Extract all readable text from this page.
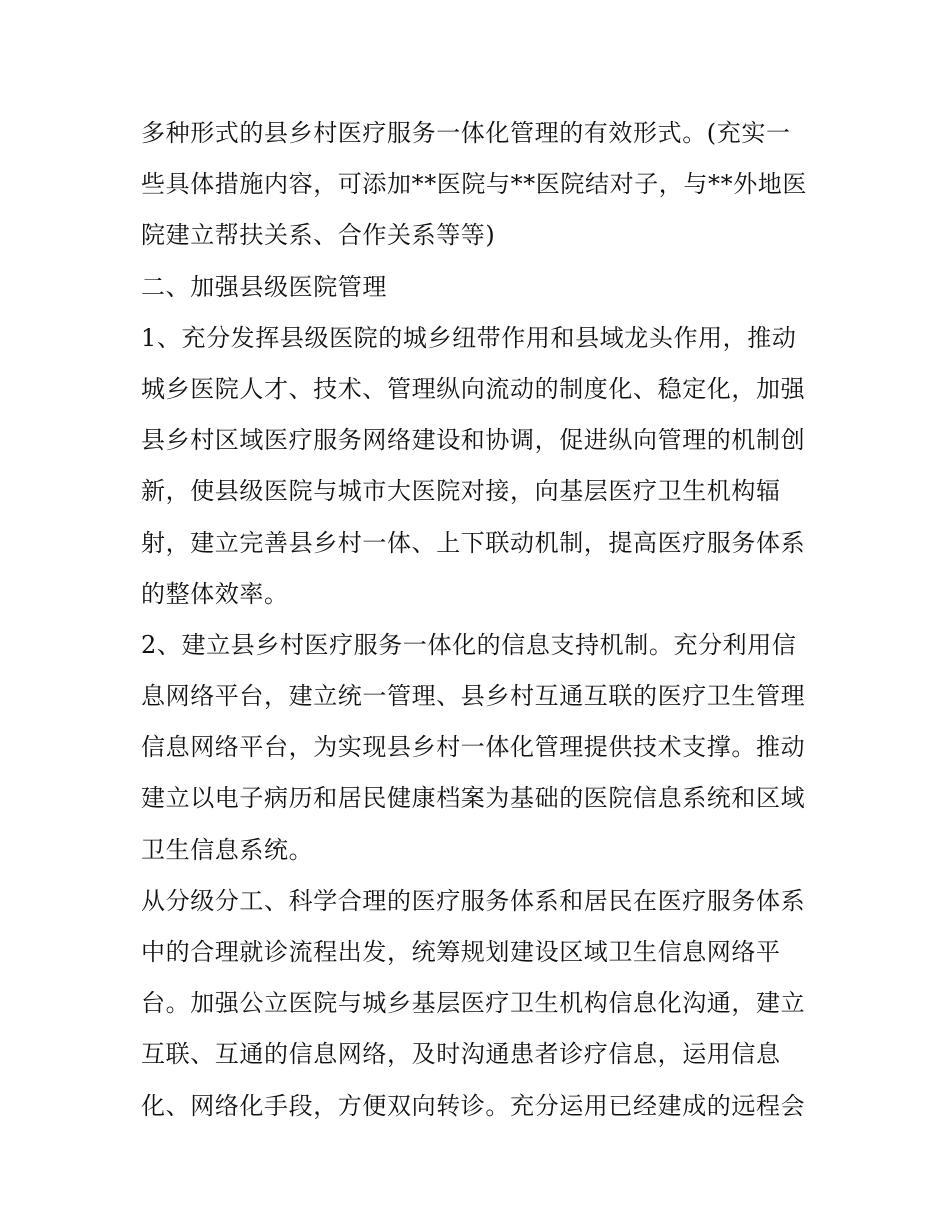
多种形式的县乡村医疗服务一体化管理的有效形式。(充实一
些具体措施内容，可添加**医院与**医院结对子，与**外地医
院建立帮扶关系、合作关系等等)
二、加强县级医院管理
1、充分发挥县级医院的城乡纽带作用和县域龙头作用，推动
城乡医院人才、技术、管理纵向流动的制度化、稳定化，加强
县乡村区域医疗服务网络建设和协调，促进纵向管理的机制创
新，使县级医院与城市大医院对接，向基层医疗卫生机构辐
射，建立完善县乡村一体、上下联动机制，提高医疗服务体系
的整体效率。
2、建立县乡村医疗服务一体化的信息支持机制。充分利用信
息网络平台，建立统一管理、县乡村互通互联的医疗卫生管理
信息网络平台，为实现县乡村一体化管理提供技术支撑。推动
建立以电子病历和居民健康档案为基础的医院信息系统和区域
卫生信息系统。
从分级分工、科学合理的医疗服务体系和居民在医疗服务体系
中的合理就诊流程出发，统筹规划建设区域卫生信息网络平
台。加强公立医院与城乡基层医疗卫生机构信息化沟通，建立
互联、互通的信息网络，及时沟通患者诊疗信息，运用信息
化、网络化手段，方便双向转诊。充分运用已经建成的远程会
